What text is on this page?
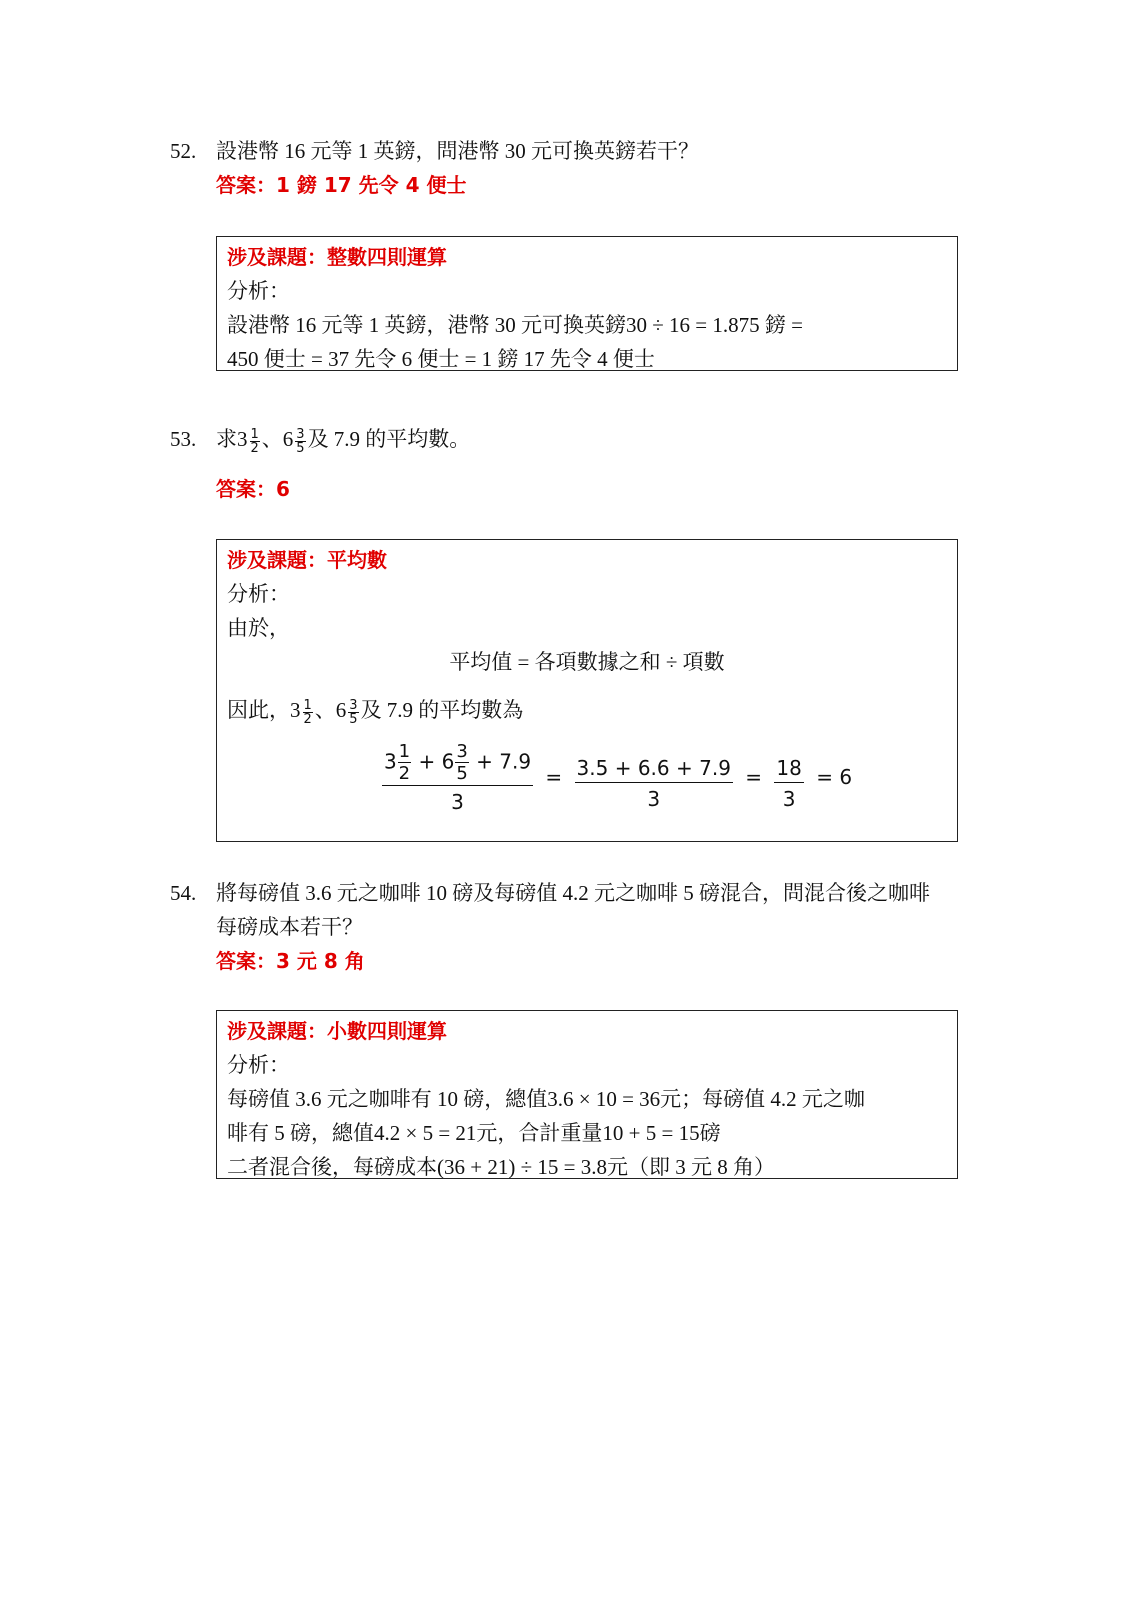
52. 設港幣 16 元等 1 英鎊，問港幣 30 元可換英鎊若干？
答案：1 鎊 17 先令 4 便士
涉及課題：整數四則運算
分析：
設港幣 16 元等 1 英鎊，港幣 30 元可換英鎊30 ÷ 16 = 1.875 鎊 =
450 便士 = 37 先令 6 便士 = 1 鎊 17 先令 4 便士
53. 求$3 \frac{1}{2}$ 、$6 \frac{3}{5}$ 及 7.9 的平均數。
答案：6
涉及課題：平均數
分析：
由於，
平均值 = 各項數據之和 ÷ 項數
因此，$3 \frac{1}{2}$ 、$6 \frac{3}{5}$ 及 7.9 的平均數為
$\frac{3 \frac{1}{2} + 6 \frac{3}{5} + 7.9}{3} = \frac{3.5 + 6.6 + 7.9}{3} = \frac{18}{3} = 6$
54. 將每磅值 3.6 元之咖啡 10 磅及每磅值 4.2 元之咖啡 5 磅混合，問混合後之咖啡每磅成本若干？
答案：3 元 8 角
涉及課題：小數四則運算
分析：
每磅值 3.6 元之咖啡有 10 磅，總值3.6 × 10 = 36元；每磅值 4.2 元之咖
啡有 5 磅，總值4.2 × 5 = 21元，合計重量10 + 5 = 15磅
二者混合後，每磅成本(36 + 21) ÷ 15 = 3.8元（即 3 元 8 角）
